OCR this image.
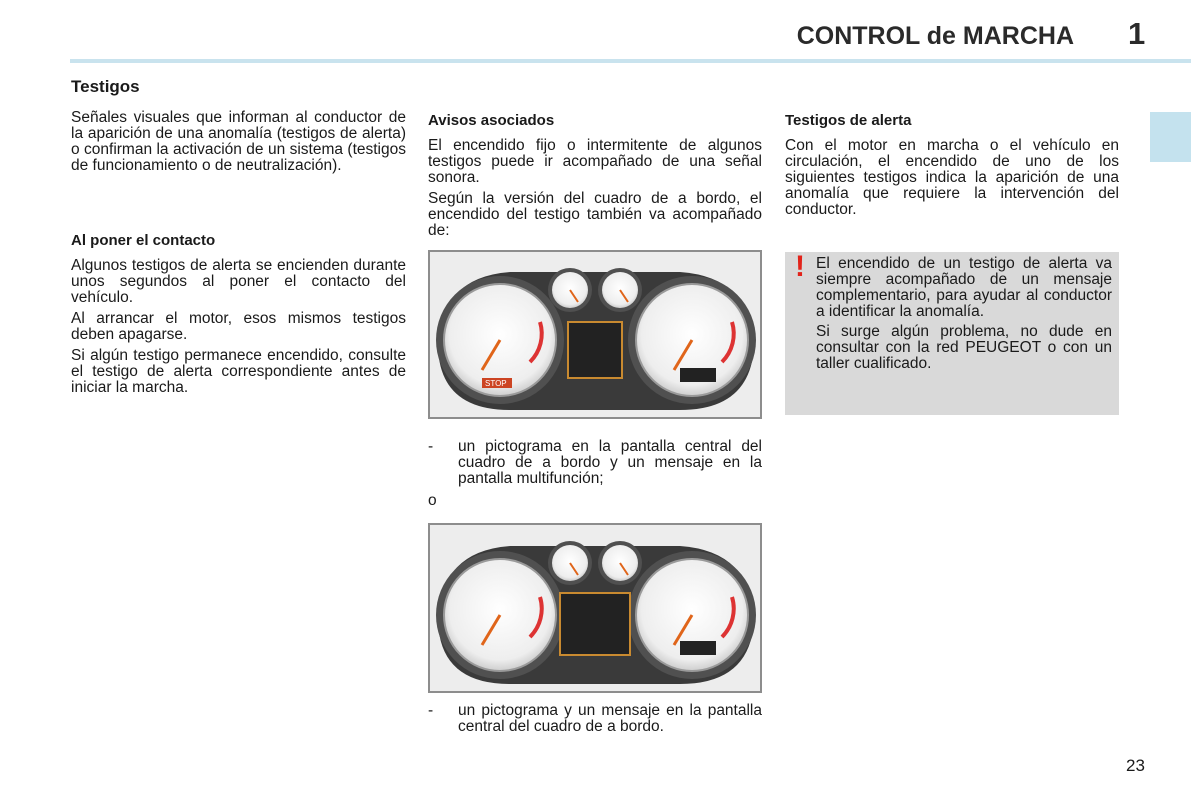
CONTROL de MARCHA 1
Testigos

Señales visuales que informan al conductor de la aparición de una anomalía (testigos de alerta) o confirman la activación de un sistema (testigos de funcionamiento o de neutralización).

Al poner el contacto

Algunos testigos de alerta se encienden durante unos segundos al poner el contacto del vehículo.

Al arrancar el motor, esos mismos testigos deben apagarse.

Si algún testigo permanece encendido, consulte el testigo de alerta correspondiente antes de iniciar la marcha.

Avisos asociados

El encendido fijo o intermitente de algunos testigos puede ir acompañado de una señal sonora.

Según la versión del cuadro de a bordo, el encendido del testigo también va acompañado de:

STOP

- un pictograma en la pantalla central del cuadro de a bordo y un mensaje en la pantalla multifunción;

o

- un pictograma y un mensaje en la pantalla central del cuadro de a bordo.

Testigos de alerta

Con el motor en marcha o el vehículo en circulación, el encendido de uno de los siguientes testigos indica la aparición de una anomalía que requiere la intervención del conductor.

! El encendido de un testigo de alerta va siempre acompañado de un mensaje complementario, para ayudar al conductor a identificar la anomalía.

Si surge algún problema, no dude en consultar con la red PEUGEOT o con un taller cualificado.

23
